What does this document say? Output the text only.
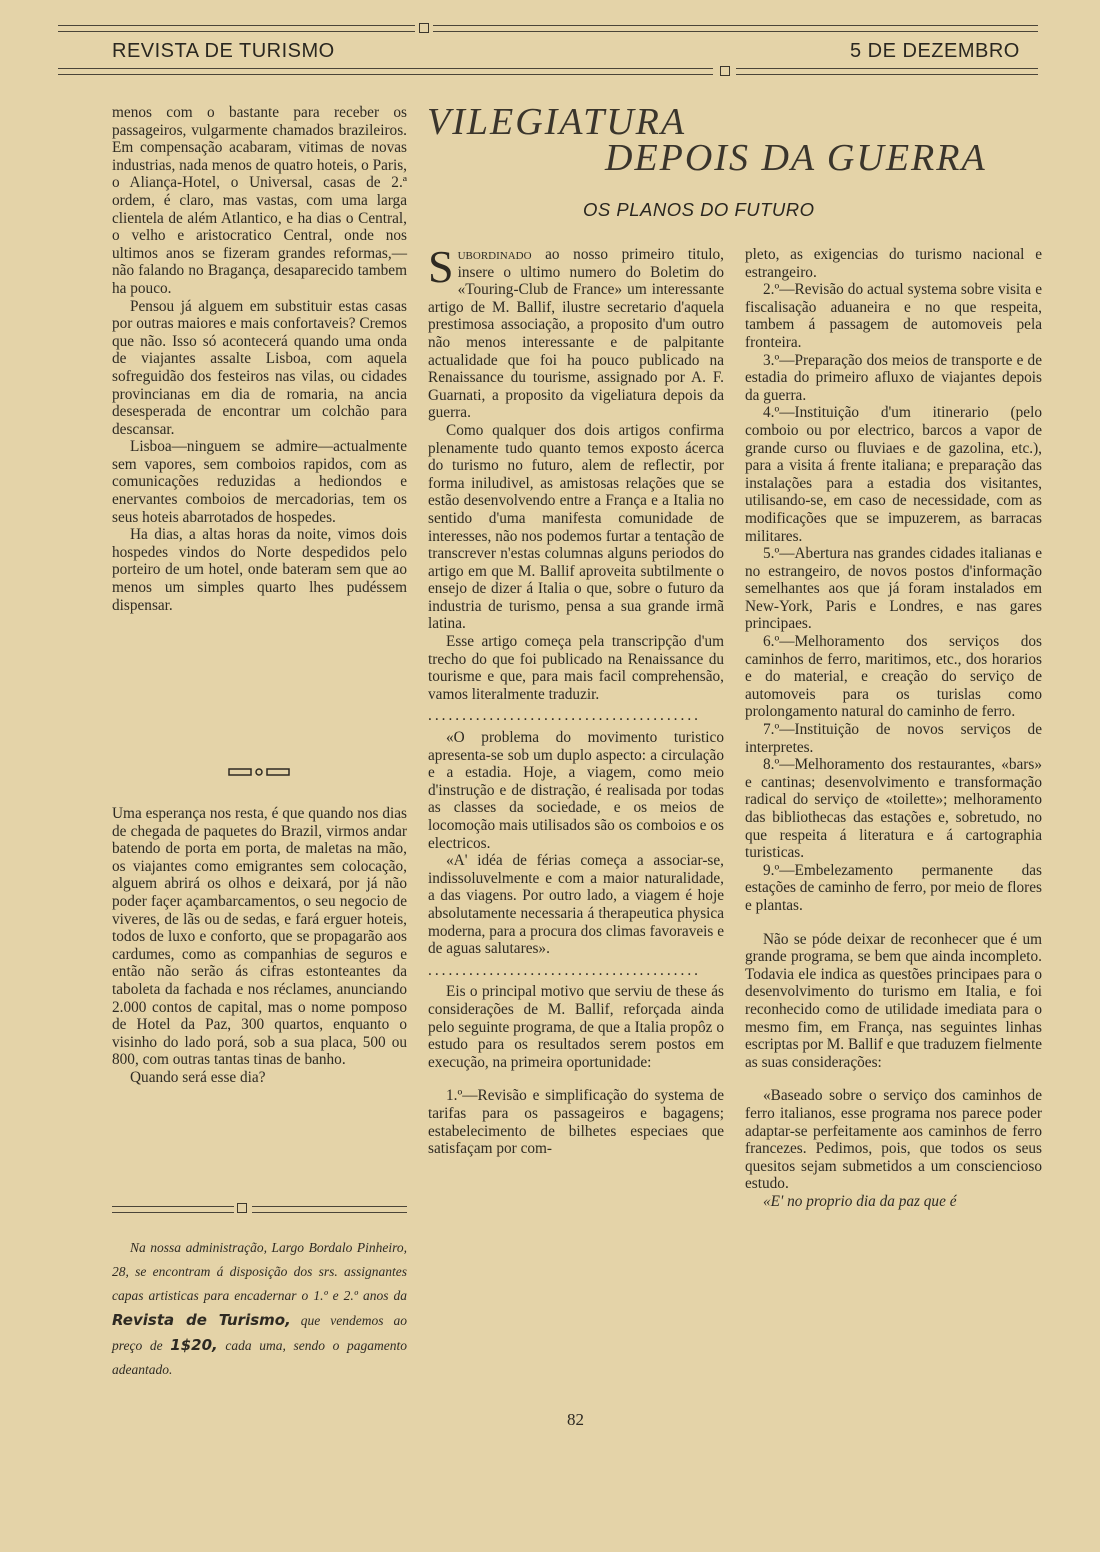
REVISTA DE TURISMO	5 DE DEZEMBRO

menos com o bastante para receber os passageiros, vulgarmente chamados brazileiros. Em compensação acabaram, vitimas de novas industrias, nada menos de quatro hoteis, o Paris, o Aliança-Hotel, o Universal, casas de 2.ª ordem, é claro, mas vastas, com uma larga clientela de além Atlantico, e ha dias o Central, o velho e aristocratico Central, onde nos ultimos anos se fizeram grandes reformas,—não falando no Bragança, desaparecido tambem ha pouco.

Pensou já alguem em substituir estas casas por outras maiores e mais confortaveis? Cremos que não. Isso só acontecerá quando uma onda de viajantes assalte Lisboa, com aquela sofreguidão dos festeiros nas vilas, ou cidades provincianas em dia de romaria, na ancia desesperada de encontrar um colchão para descansar.

Lisboa—ninguem se admire—actualmente sem vapores, sem comboios rapidos, com as comunicações reduzidas a hediondos e enervantes comboios de mercadorias, tem os seus hoteis abarrotados de hospedes.

Ha dias, a altas horas da noite, vimos dois hospedes vindos do Norte despedidos pelo porteiro de um hotel, onde bateram sem que ao menos um simples quarto lhes pudéssem dispensar.

Uma esperança nos resta, é que quando nos dias de chegada de paquetes do Brazil, virmos andar batendo de porta em porta, de maletas na mão, os viajantes como emigrantes sem colocação, alguem abrirá os olhos e deixará, por já não poder façer açambarcamentos, o seu negocio de viveres, de lãs ou de sedas, e fará erguer hoteis, todos de luxo e conforto, que se propagarão aos cardumes, como as companhias de seguros e então não serão ás cifras estonteantes da taboleta da fachada e nos réclames, anunciando 2.000 contos de capital, mas o nome pomposo de Hotel da Paz, 300 quartos, enquanto o visinho do lado porá, sob a sua placa, 500 ou 800, com outras tantas tinas de banho.

Quando será esse dia?

Na nossa administração, Largo Bordalo Pinheiro, 28, se encontram á disposição dos srs. assignantes capas artisticas para encadernar o 1.º e 2.º anos da Revista de Turismo, que vendemos ao preço de 1$20, cada uma, sendo o pagamento adeantado.

VILEGIATURA
DEPOIS DA GUERRA
OS PLANOS DO FUTURO

Subordinado ao nosso primeiro titulo, insere o ultimo numero do Boletim do «Touring-Club de France» um interessante artigo de M. Ballif, ilustre secretario d'aquela prestimosa associação, a proposito d'um outro não menos interessante e de palpitante actualidade que foi ha pouco publicado na Renaissance du tourisme, assignado por A. F. Guarnati, a proposito da vigeliatura depois da guerra.

Como qualquer dos dois artigos confirma plenamente tudo quanto temos exposto ácerca do turismo no futuro, alem de reflectir, por forma iniludivel, as amistosas relações que se estão desenvolvendo entre a França e a Italia no sentido d'uma manifesta comunidade de interesses, não nos podemos furtar a tentação de transcrever n'estas columnas alguns periodos do artigo em que M. Ballif aproveita subtilmente o ensejo de dizer á Italia o que, sobre o futuro da industria de turismo, pensa a sua grande irmã latina.

Esse artigo começa pela transcripção d'um trecho do que foi publicado na Renaissance du tourisme e que, para mais facil comprehensão, vamos literalmente traduzir.

........................................

«O problema do movimento turistico apresenta-se sob um duplo aspecto: a circulação e a estadia. Hoje, a viagem, como meio d'instrução e de distração, é realisada por todas as classes da sociedade, e os meios de locomoção mais utilisados são os comboios e os electricos.

«A' idéa de férias começa a associar-se, indissoluvelmente e com a maior naturalidade, a das viagens. Por outro lado, a viagem é hoje absolutamente necessaria á therapeutica physica moderna, para a procura dos climas favoraveis e de aguas salutares».

........................................

Eis o principal motivo que serviu de these ás considerações de M. Ballif, reforçada ainda pelo seguinte programa, de que a Italia propôz o estudo para os resultados serem postos em execução, na primeira oportunidade:

1.º—Revisão e simplificação do systema de tarifas para os passageiros e bagagens; estabelecimento de bilhetes especiaes que satisfaçam por com-

pleto, as exigencias do turismo nacional e estrangeiro.

2.º—Revisão do actual systema sobre visita e fiscalisação aduaneira e no que respeita, tambem á passagem de automoveis pela fronteira.

3.º—Preparação dos meios de transporte e de estadia do primeiro afluxo de viajantes depois da guerra.

4.º—Instituição d'um itinerario (pelo comboio ou por electrico, barcos a vapor de grande curso ou fluviaes e de gazolina, etc.), para a visita á frente italiana; e preparação das instalações para a estadia dos visitantes, utilisando-se, em caso de necessidade, com as modificações que se impuzerem, as barracas militares.

5.º—Abertura nas grandes cidades italianas e no estrangeiro, de novos postos d'informação semelhantes aos que já foram instalados em New-York, Paris e Londres, e nas gares principaes.

6.º—Melhoramento dos serviços dos caminhos de ferro, maritimos, etc., dos horarios e do material, e creação do serviço de automoveis para os turislas como prolongamento natural do caminho de ferro.

7.º—Instituição de novos serviços de interpretes.

8.º—Melhoramento dos restaurantes, «bars» e cantinas; desenvolvimento e transformação radical do serviço de «toilette»; melhoramento das bibliothecas das estações e, sobretudo, no que respeita á literatura e á cartographia turisticas.

9.º—Embelezamento permanente das estações de caminho de ferro, por meio de flores e plantas.

Não se póde deixar de reconhecer que é um grande programa, se bem que ainda incompleto. Todavia ele indica as questões principaes para o desenvolvimento do turismo em Italia, e foi reconhecido como de utilidade imediata para o mesmo fim, em França, nas seguintes linhas escriptas por M. Ballif e que traduzem fielmente as suas considerações:

«Baseado sobre o serviço dos caminhos de ferro italianos, esse programa nos parece poder adaptar-se perfeitamente aos caminhos de ferro francezes. Pedimos, pois, que todos os seus quesitos sejam submetidos a um consciencioso estudo.

«E' no proprio dia da paz que é

82
